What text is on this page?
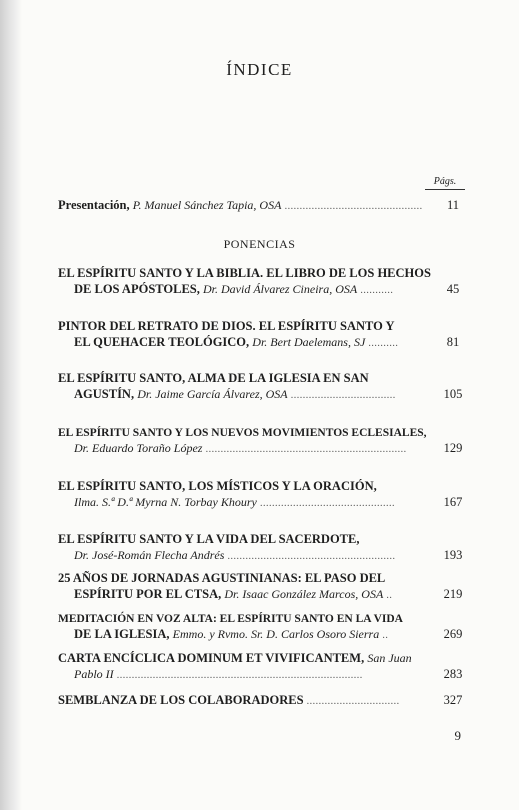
ÍNDICE
Págs.
Presentación, P. Manuel Sánchez Tapia, OSA ..............................................	11
EL ESPÍRITU SANTO Y LA BIBLIA. EL LIBRO DE LOS HECHOS
DE LOS APÓSTOLES, Dr. David Álvarez Cineira, OSA ...........	45
PINTOR DEL RETRATO DE DIOS. EL ESPÍRITU SANTO Y
EL QUEHACER TEOLÓGICO, Dr. Bert Daelemans, SJ ..........	81
EL ESPÍRITU SANTO, ALMA DE LA IGLESIA EN SAN
AGUSTÍN, Dr. Jaime García Álvarez, OSA ...................................	105
EL ESPÍRITU SANTO Y LOS NUEVOS MOVIMIENTOS ECLESIALES,
Dr. Eduardo Toraño López ...................................................................	129
EL ESPÍRITU SANTO, LOS MÍSTICOS Y LA ORACIÓN,
Ilma. S.ª D.ª Myrna N. Torbay Khoury .............................................	167
EL ESPÍRITU SANTO Y LA VIDA DEL SACERDOTE,
Dr. José-Román Flecha Andrés ........................................................	193
25 AÑOS DE JORNADAS AGUSTINIANAS: EL PASO DEL
ESPÍRITU POR EL CTSA, Dr. Isaac González Marcos, OSA ..	219
MEDITACIÓN EN VOZ ALTA: EL ESPÍRITU SANTO EN LA VIDA
DE LA IGLESIA, Emmo. y Rvmo. Sr. D. Carlos Osoro Sierra ..	269
CARTA ENCÍCLICA DOMINUM ET VIVIFICANTEM, San Juan
Pablo II ..................................................................................	283
SEMBLANZA DE LOS COLABORADORES ...............................	327
PONENCIAS
9
